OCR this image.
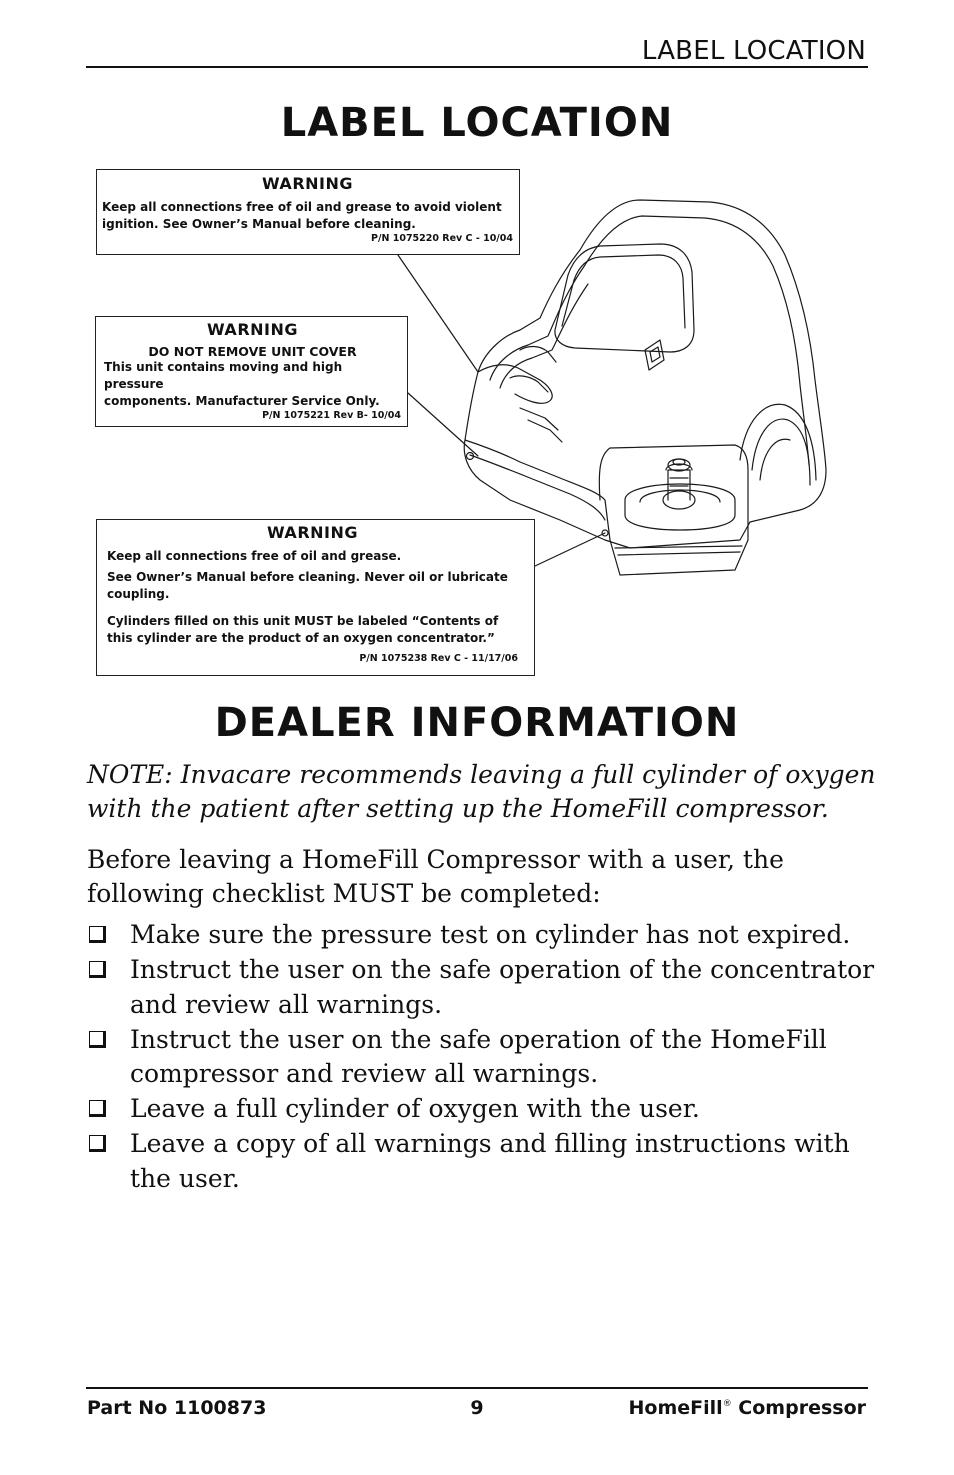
LABEL LOCATION
LABEL LOCATION
WARNING
Keep all connections free of oil and grease to avoid violent
ignition. See Owner’s Manual before cleaning.
P/N 1075220 Rev C - 10/04
WARNING
DO NOT REMOVE UNIT COVER
This unit contains moving and high pressure
components. Manufacturer Service Only.
P/N 1075221 Rev B- 10/04
WARNING
Keep all connections free of oil and grease.
See Owner’s Manual before cleaning. Never oil or lubricate
coupling.
Cylinders filled on this unit MUST be labeled “Contents of
this cylinder are the product of an oxygen concentrator.”
P/N 1075238 Rev C - 11/17/06
DEALER INFORMATION
NOTE: Invacare recommends leaving a full cylinder of oxygen with the patient after setting up the HomeFill compressor.
Before leaving a HomeFill Compressor with a user, the following checklist MUST be completed:
Make sure the pressure test on cylinder has not expired.
Instruct the user on the safe operation of the concentrator and review all warnings.
Instruct the user on the safe operation of the HomeFill compressor and review all warnings.
Leave a full cylinder of oxygen with the user.
Leave a copy of all warnings and filling instructions with the user.
Part No 1100873	9	HomeFill® Compressor
